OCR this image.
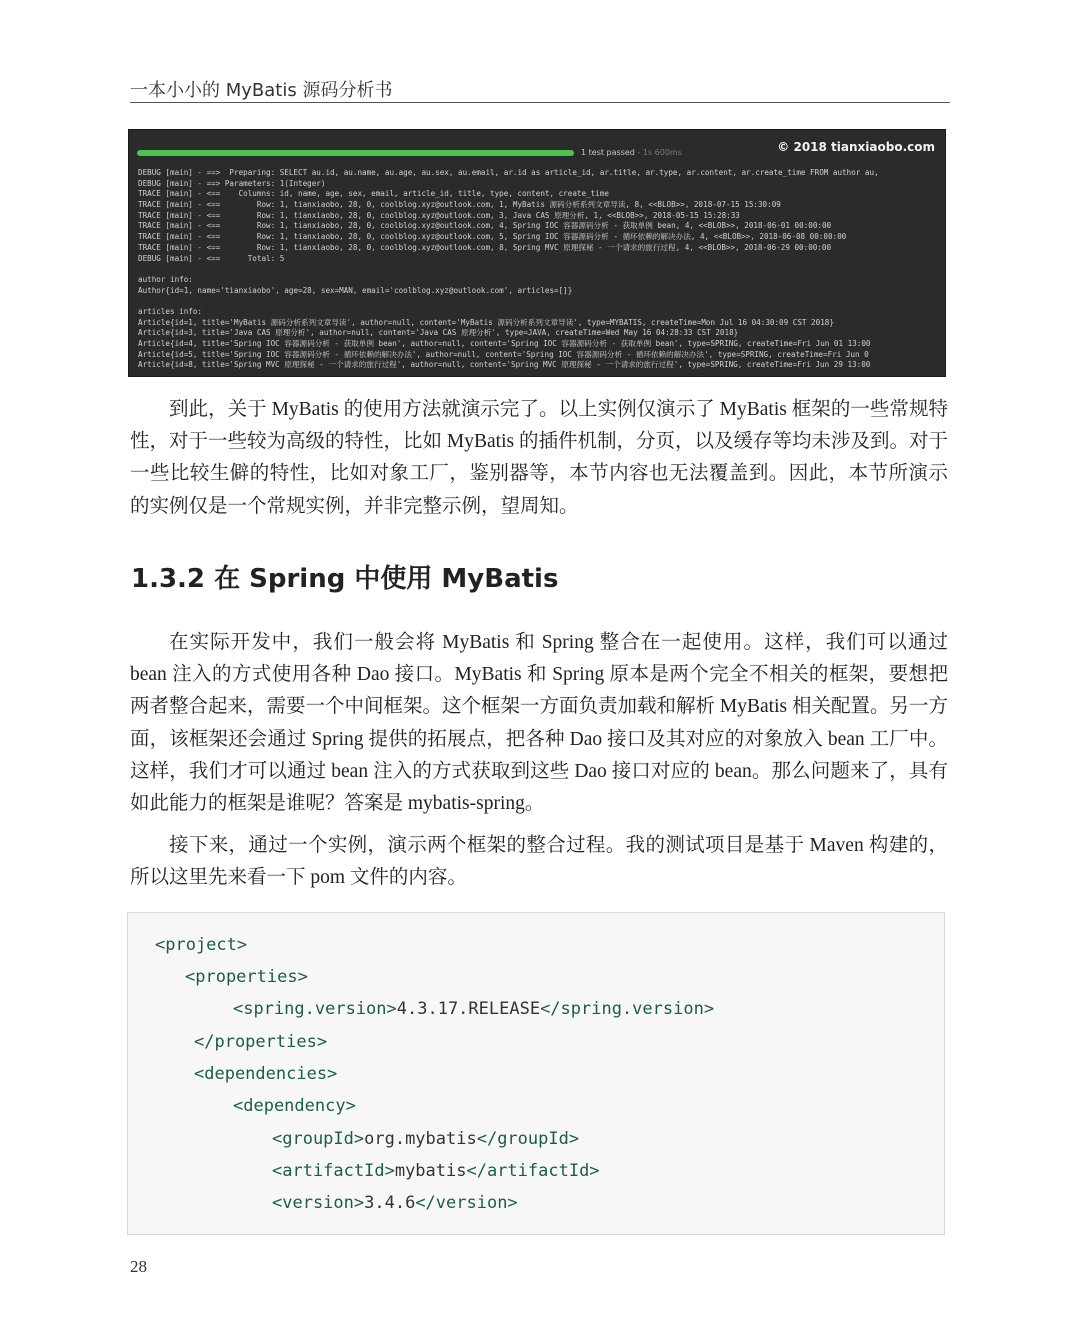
一本小小的 MyBatis 源码分析书
1 test passed - 1s 600ms	© 2018 tianxiaobo.com
DEBUG [main] - ==>  Preparing: SELECT au.id, au.name, au.age, au.sex, au.email, ar.id as article_id, ar.title, ar.type, ar.content, ar.create_time FROM author au,
DEBUG [main] - ==> Parameters: 1(Integer)
TRACE [main] - <==    Columns: id, name, age, sex, email, article_id, title, type, content, create_time
TRACE [main] - <==        Row: 1, tianxiaobo, 28, 0, coolblog.xyz@outlook.com, 1, MyBatis 源码分析系列文章导读, 8, <<BLOB>>, 2018-07-15 15:30:09
TRACE [main] - <==        Row: 1, tianxiaobo, 28, 0, coolblog.xyz@outlook.com, 3, Java CAS 原理分析, 1, <<BLOB>>, 2018-05-15 15:28:33
TRACE [main] - <==        Row: 1, tianxiaobo, 28, 0, coolblog.xyz@outlook.com, 4, Spring IOC 容器源码分析 - 获取单例 bean, 4, <<BLOB>>, 2018-06-01 00:00:00
TRACE [main] - <==        Row: 1, tianxiaobo, 28, 0, coolblog.xyz@outlook.com, 5, Spring IOC 容器源码分析 - 循环依赖的解决办法, 4, <<BLOB>>, 2018-06-08 00:00:00
TRACE [main] - <==        Row: 1, tianxiaobo, 28, 0, coolblog.xyz@outlook.com, 8, Spring MVC 原理探秘 - 一个请求的旅行过程, 4, <<BLOB>>, 2018-06-29 00:00:00
DEBUG [main] - <==      Total: 5
author info:
Author{id=1, name='tianxiaobo', age=28, sex=MAN, email='coolblog.xyz@outlook.com', articles=[]}
articles info:
Article{id=1, title='MyBatis 源码分析系列文章导读', author=null, content='MyBatis 源码分析系列文章导读', type=MYBATIS, createTime=Mon Jul 16 04:30:09 CST 2018}
Article{id=3, title='Java CAS 原理分析', author=null, content='Java CAS 原理分析', type=JAVA, createTime=Wed May 16 04:28:33 CST 2018}
Article{id=4, title='Spring IOC 容器源码分析 - 获取单例 bean', author=null, content='Spring IOC 容器源码分析 - 获取单例 bean', type=SPRING, createTime=Fri Jun 01 13:00
Article{id=5, title='Spring IOC 容器源码分析 - 循环依赖的解决办法', author=null, content='Spring IOC 容器源码分析 - 循环依赖的解决办法', type=SPRING, createTime=Fri Jun 0
Article{id=8, title='Spring MVC 原理探秘 - 一个请求的旅行过程', author=null, content='Spring MVC 原理探秘 - 一个请求的旅行过程', type=SPRING, createTime=Fri Jun 29 13:00

到此，关于 MyBatis 的使用方法就演示完了。以上实例仅演示了 MyBatis 框架的一些常规特性，对于一些较为高级的特性，比如 MyBatis 的插件机制，分页，以及缓存等均未涉及到。对于一些比较生僻的特性，比如对象工厂，鉴别器等，本节内容也无法覆盖到。因此，本节所演示的实例仅是一个常规实例，并非完整示例，望周知。

1.3.2 在 Spring 中使用 MyBatis

在实际开发中，我们一般会将 MyBatis 和 Spring 整合在一起使用。这样，我们可以通过 bean 注入的方式使用各种 Dao 接口。MyBatis 和 Spring 原本是两个完全不相关的框架，要想把两者整合起来，需要一个中间框架。这个框架一方面负责加载和解析 MyBatis 相关配置。另一方面，该框架还会通过 Spring 提供的拓展点，把各种 Dao 接口及其对应的对象放入 bean 工厂中。这样，我们才可以通过 bean 注入的方式获取到这些 Dao 接口对应的 bean。那么问题来了，具有如此能力的框架是谁呢？答案是 mybatis-spring。

接下来，通过一个实例，演示两个框架的整合过程。我的测试项目是基于 Maven 构建的，所以这里先来看一下 pom 文件的内容。

<project>
<properties>
<spring.version>4.3.17.RELEASE</spring.version>
</properties>
<dependencies>
<dependency>
<groupId>org.mybatis</groupId>
<artifactId>mybatis</artifactId>
<version>3.4.6</version>
28
